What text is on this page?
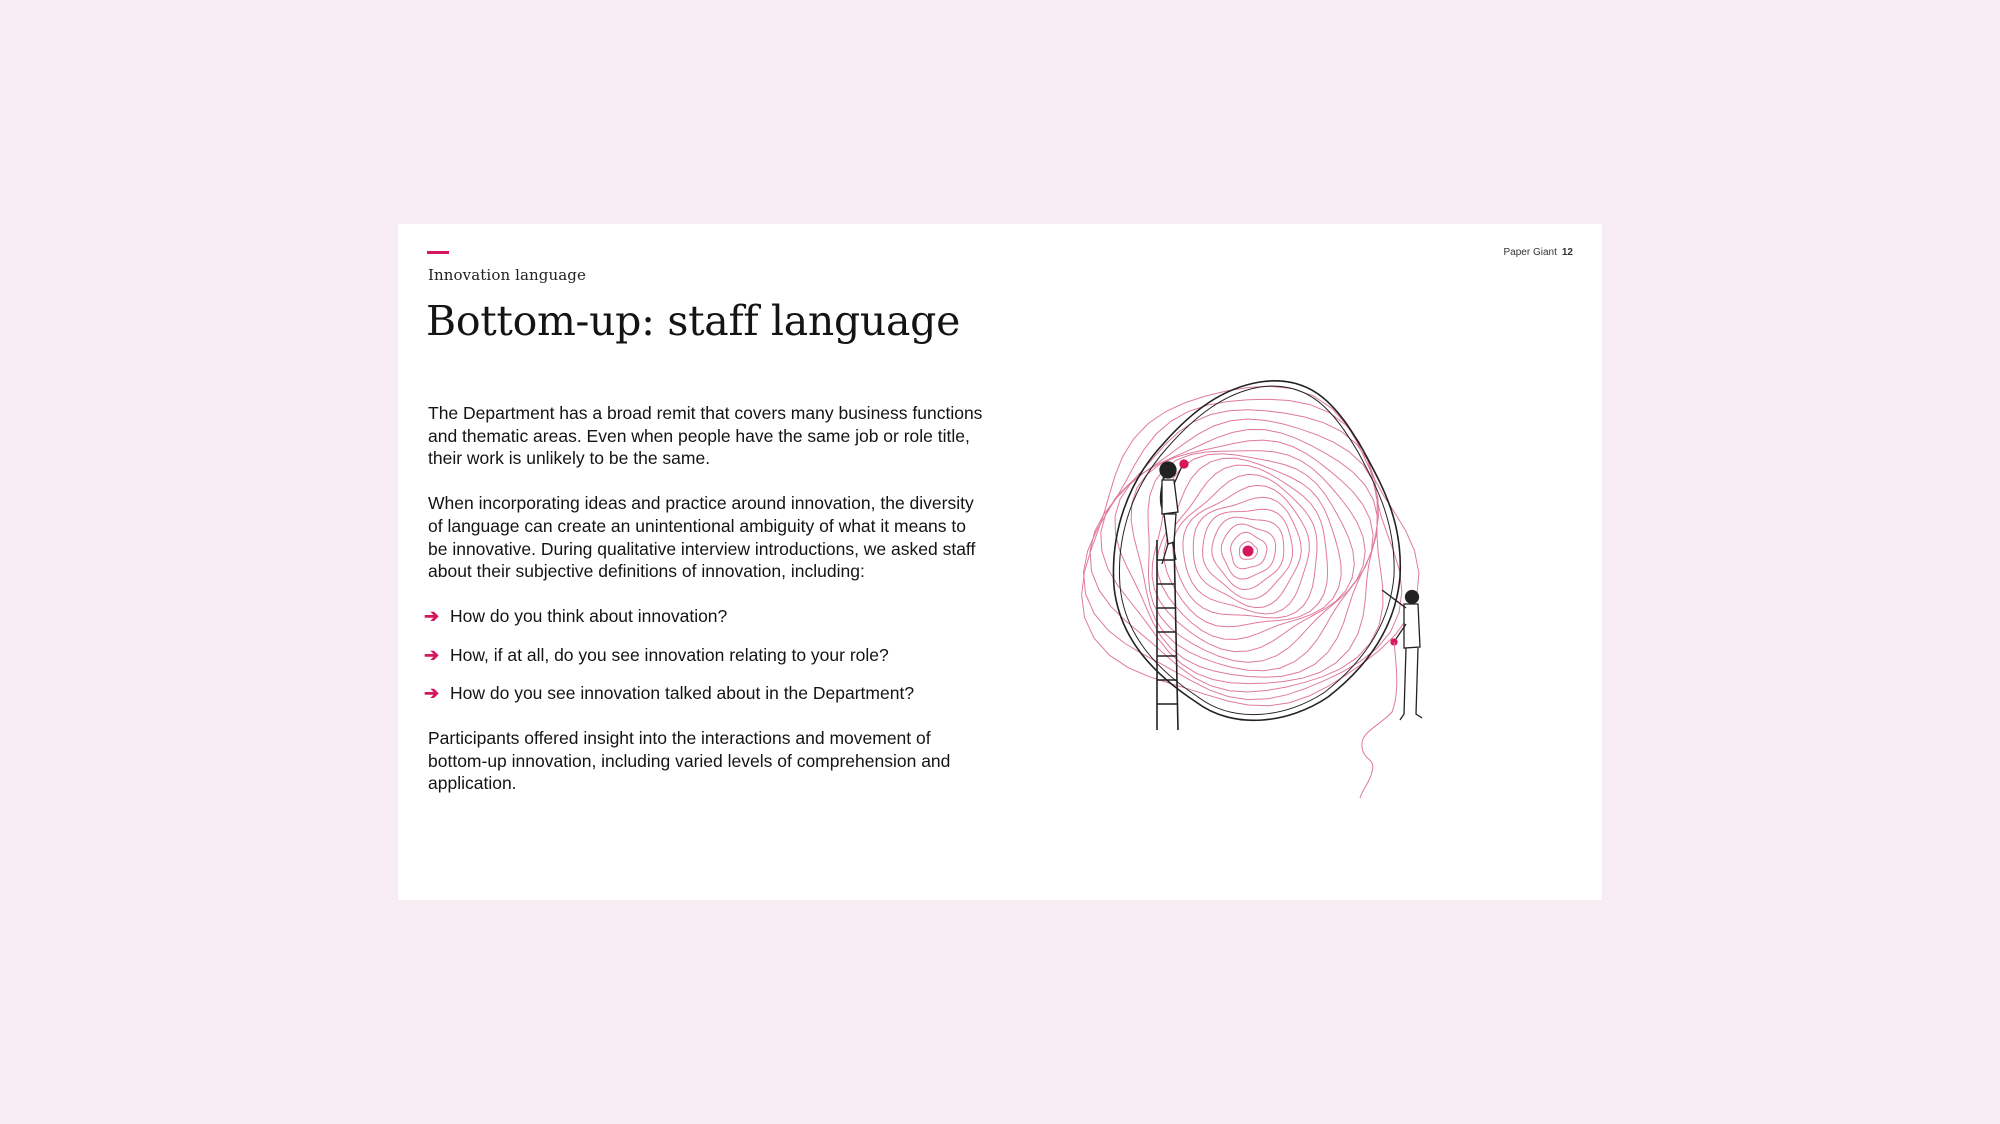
Innovation language
Bottom-up: staff language
Paper Giant 12

The Department has a broad remit that covers many business functions and thematic areas. Even when people have the same job or role title, their work is unlikely to be the same.

When incorporating ideas and practice around innovation, the diversity of language can create an unintentional ambiguity of what it means to be innovative. During qualitative interview introductions, we asked staff about their subjective definitions of innovation, including:

➔ How do you think about innovation?
➔ How, if at all, do you see innovation relating to your role?
➔ How do you see innovation talked about in the Department?

Participants offered insight into the interactions and movement of bottom-up innovation, including varied levels of comprehension and application.
